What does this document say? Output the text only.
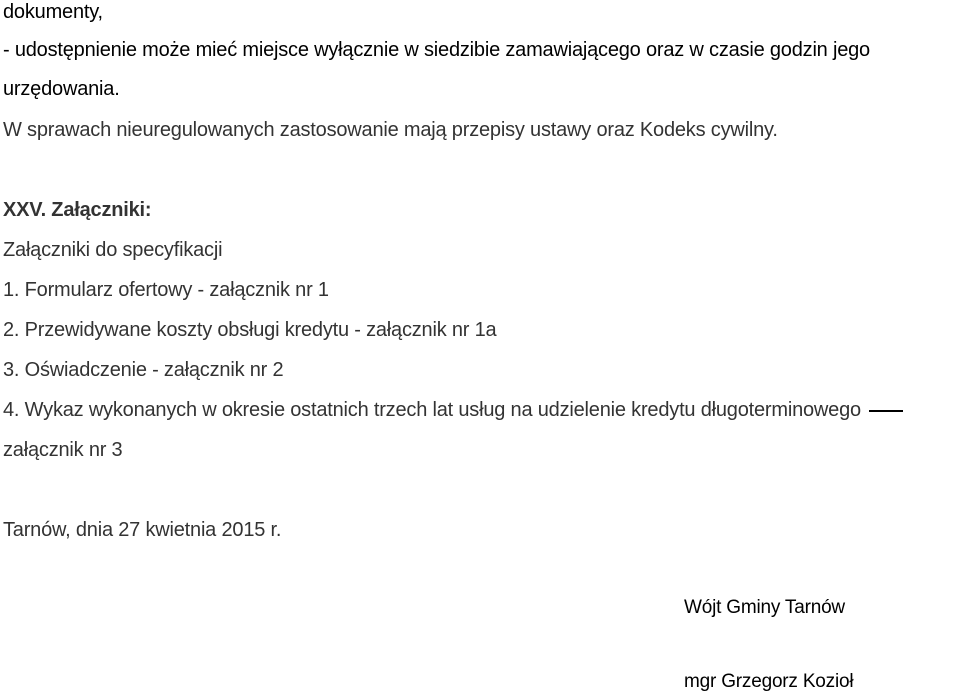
dokumenty,
- udostępnienie może mieć miejsce wyłącznie w siedzibie zamawiającego oraz w czasie godzin jego
urzędowania.
W sprawach nieuregulowanych zastosowanie mają przepisy ustawy oraz Kodeks cywilny.
XXV. Załączniki:
Załączniki do specyfikacji
1. Formularz ofertowy - załącznik nr 1
2. Przewidywane koszty obsługi kredytu - załącznik nr 1a
3. Oświadczenie - załącznik nr 2
4. Wykaz wykonanych w okresie ostatnich trzech lat usług na udzielenie kredytu długoterminowego
załącznik nr 3
Tarnów, dnia 27 kwietnia 2015 r.
Wójt Gminy Tarnów
mgr Grzegorz Kozioł
